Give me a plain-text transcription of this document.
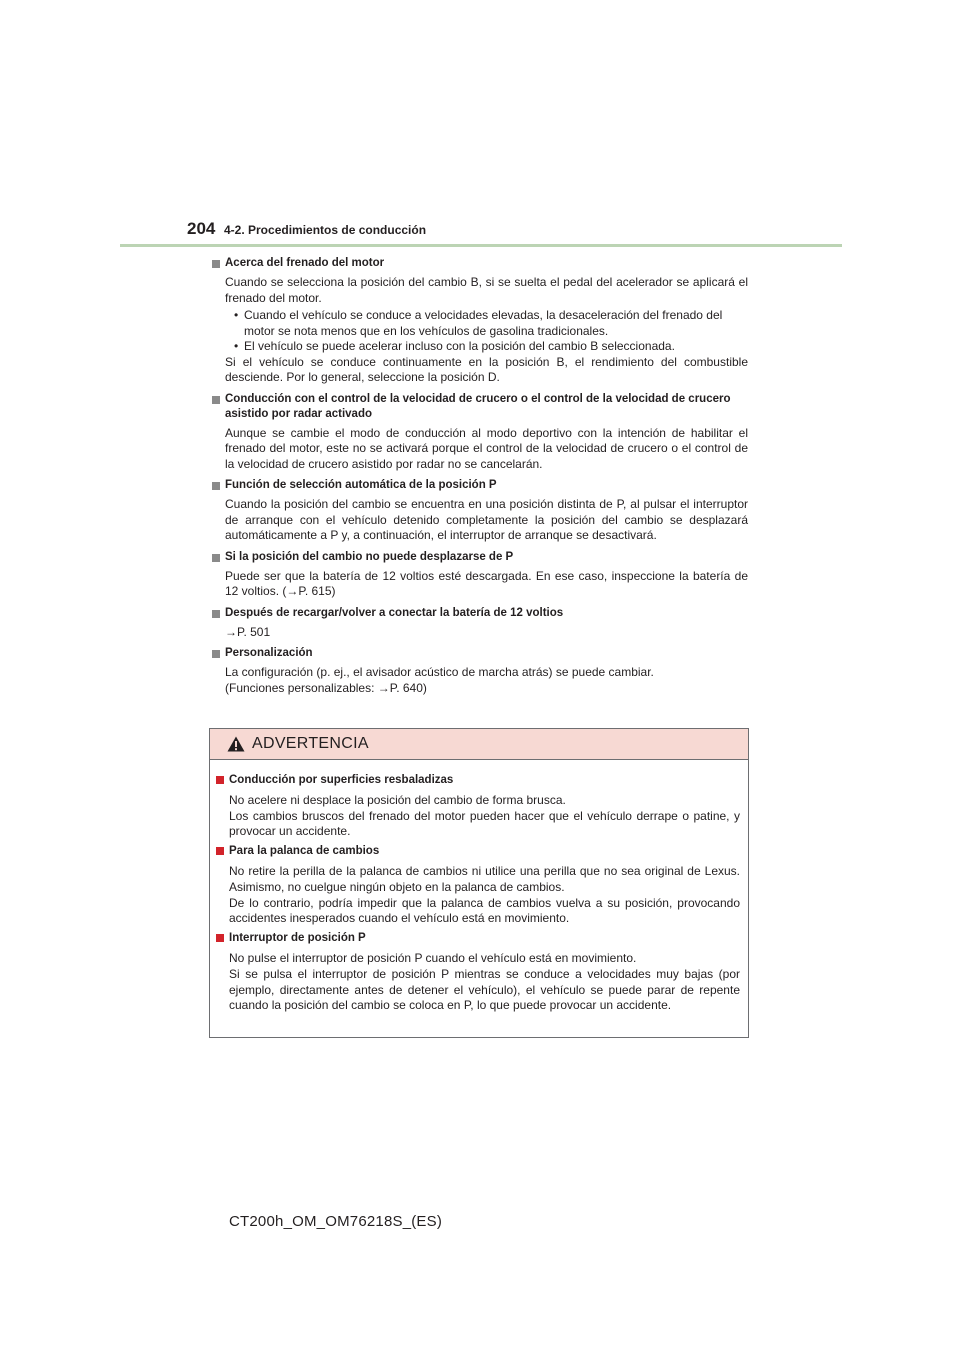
204 4-2. Procedimientos de conducción
Acerca del frenado del motor

Cuando se selecciona la posición del cambio B, si se suelta el pedal del acelerador se aplicará el frenado del motor.

• Cuando el vehículo se conduce a velocidades elevadas, la desaceleración del frenado del motor se nota menos que en los vehículos de gasolina tradicionales.

• El vehículo se puede acelerar incluso con la posición del cambio B seleccionada.

Si el vehículo se conduce continuamente en la posición B, el rendimiento del combustible desciende. Por lo general, seleccione la posición D.

Conducción con el control de la velocidad de crucero o el control de la velocidad de crucero asistido por radar activado

Aunque se cambie el modo de conducción al modo deportivo con la intención de habilitar el frenado del motor, este no se activará porque el control de la velocidad de crucero o el control de la velocidad de crucero asistido por radar no se cancelarán.

Función de selección automática de la posición P

Cuando la posición del cambio se encuentra en una posición distinta de P, al pulsar el interruptor de arranque con el vehículo detenido completamente la posición del cambio se desplazará automáticamente a P y, a continuación, el interruptor de arranque se desactivará.

Si la posición del cambio no puede desplazarse de P

Puede ser que la batería de 12 voltios esté descargada. En ese caso, inspeccione la batería de 12 voltios. (→P. 615)

Después de recargar/volver a conectar la batería de 12 voltios

→P. 501

Personalización

La configuración (p. ej., el avisador acústico de marcha atrás) se puede cambiar.

(Funciones personalizables: →P. 640)

ADVERTENCIA
Conducción por superficies resbaladizas

No acelere ni desplace la posición del cambio de forma brusca.

Los cambios bruscos del frenado del motor pueden hacer que el vehículo derrape o patine, y provocar un accidente.

Para la palanca de cambios

No retire la perilla de la palanca de cambios ni utilice una perilla que no sea original de Lexus. Asimismo, no cuelgue ningún objeto en la palanca de cambios.

De lo contrario, podría impedir que la palanca de cambios vuelva a su posición, provocando accidentes inesperados cuando el vehículo está en movimiento.

Interruptor de posición P

No pulse el interruptor de posición P cuando el vehículo está en movimiento.

Si se pulsa el interruptor de posición P mientras se conduce a velocidades muy bajas (por ejemplo, directamente antes de detener el vehículo), el vehículo se puede parar de repente cuando la posición del cambio se coloca en P, lo que puede provocar un accidente.

CT200h_OM_OM76218S_(ES)
